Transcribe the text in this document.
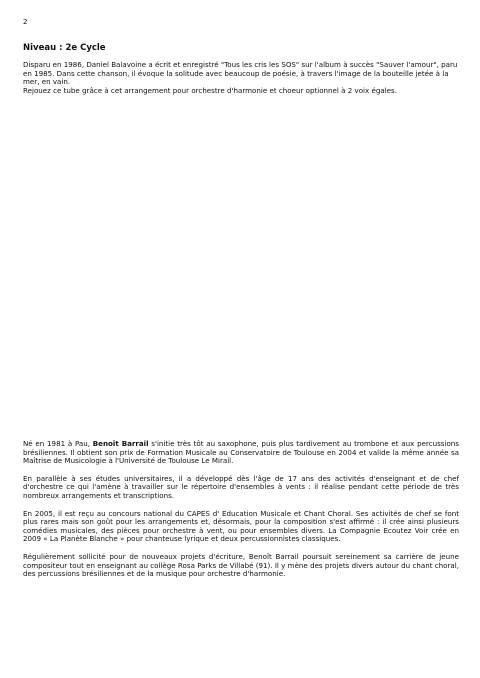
2
Niveau : 2e Cycle

Disparu en 1986, Daniel Balavoine a écrit et enregistré "Tous les cris les SOS" sur l'album à succès "Sauver l'amour", paru en 1985. Dans cette chanson, il évoque la solitude avec beaucoup de poésie, à travers l'image de la bouteille jetée à la mer, en vain.

Rejouez ce tube grâce à cet arrangement pour orchestre d'harmonie et choeur optionnel à 2 voix égales.

Né en 1981 à Pau, Benoît Barrail s'initie très tôt au saxophone, puis plus tardivement au trombone et aux percussions brésiliennes. Il obtient son prix de Formation Musicale au Conservatoire de Toulouse en 2004 et valide la même année sa Maîtrise de Musicologie à l'Université de Toulouse Le Mirail.

En parallèle à ses études universitaires, il a développé dès l'âge de 17 ans des activités d'enseignant et de chef d'orchestre ce qui l'amène à travailler sur le répertoire d'ensembles à vents : il réalise pendant cette période de très nombreux arrangements et transcriptions.

En 2005, il est reçu au concours national du CAPES d' Education Musicale et Chant Choral. Ses activités de chef se font plus rares mais son goût pour les arrangements et, désormais, pour la composition s'est affirmé : il crée ainsi plusieurs comédies musicales, des pièces pour orchestre à vent, ou pour ensembles divers. La Compagnie Ecoutez Voir crée en 2009 « La Planète Blanche » pour chanteuse lyrique et deux percussionnistes classiques.

Régulièrement sollicité pour de nouveaux projets d'écriture, Benoît Barrail poursuit sereinement sa carrière de jeune compositeur tout en enseignant au collège Rosa Parks de Villabé (91). Il y mène des projets divers autour du chant choral, des percussions brésiliennes et de la musique pour orchestre d'harmonie.
